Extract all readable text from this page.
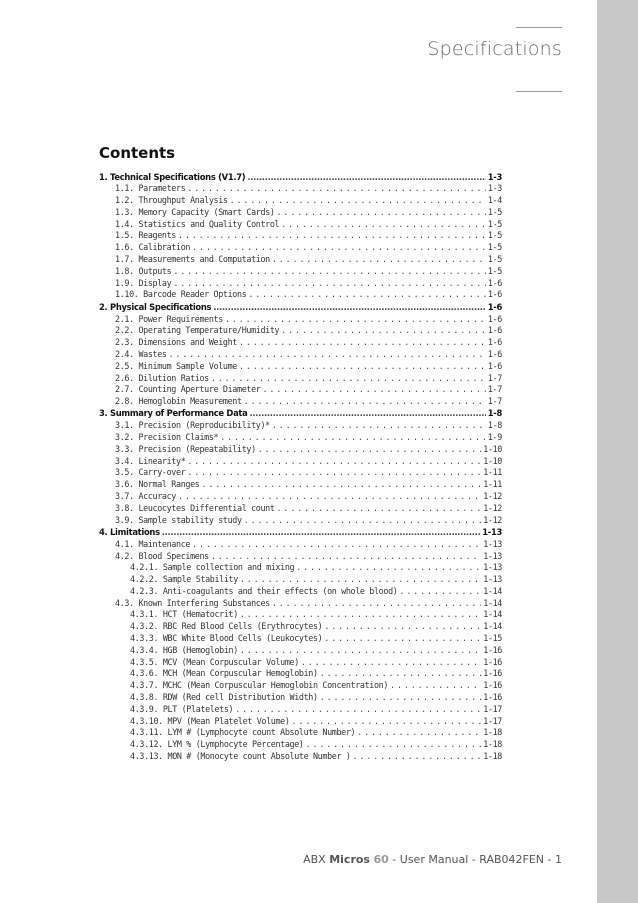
Specifications
Contents
1. Technical Specifications (V1.7) . . .	1-3
1.1. Parameters . . .	1-3
1.2. Throughput Analysis . . .	1-4
1.3. Memory Capacity (Smart Cards) . . .	1-5
1.4. Statistics and Quality Control . . .	1-5
1.5. Reagents . . .	1-5
1.6. Calibration . . .	1-5
1.7. Measurements and Computation . . .	1-5
1.8. Outputs . . .	1-5
1.9. Display . . .	1-6
1.10. Barcode Reader Options . . .	1-6
2. Physical Specifications . . .	1-6
2.1. Power Requirements . . .	1-6
2.2. Operating Temperature/Humidity . . .	1-6
2.3. Dimensions and Weight . . .	1-6
2.4. Wastes . . .	1-6
2.5. Minimum Sample Volume . . .	1-6
2.6. Dilution Ratios . . .	1-7
2.7. Counting Aperture Diameter . . .	1-7
2.8. Hemoglobin Measurement . . .	1-7
3. Summary of Performance Data . . .	1-8
3.1. Precision (Reproducibility)* . . .	1-8
3.2. Precision Claims* . . .	1-9
3.3. Precision (Repeatability) . . .	1-10
3.4. Linearity* . . .	1-10
3.5. Carry-over . . .	1-11
3.6. Normal Ranges . . .	1-11
3.7. Accuracy . . .	1-12
3.8. Leucocytes Differential count . . .	1-12
3.9. Sample stability study . . .	1-12
4. Limitations . . .	1-13
4.1. Maintenance . . .	1-13
4.2. Blood Specimens . . .	1-13
4.2.1. Sample collection and mixing . . .	1-13
4.2.2. Sample Stability . . .	1-13
4.2.3. Anti-coagulants and their effects (on whole blood) . . .	1-14
4.3. Known Interfering Substances . . .	1-14
4.3.1. HCT (Hematocrit) . . .	1-14
4.3.2. RBC Red Blood Cells (Erythrocytes) . . .	1-14
4.3.3. WBC White Blood Cells (Leukocytes) . . .	1-15
4.3.4. HGB (Hemoglobin) . . .	1-16
4.3.5. MCV (Mean Corpuscular Volume) . . .	1-16
4.3.6. MCH (Mean Corpuscular Hemoglobin) . . .	1-16
4.3.7. MCHC (Mean Corpuscular Hemoglobin Concentration) . . .	1-16
4.3.8. RDW (Red cell Distribution Width) . . .	1-16
4.3.9. PLT (Platelets) . . .	1-17
4.3.10. MPV (Mean Platelet Volume) . . .	1-17
4.3.11. LYM # (Lymphocyte count Absolute Number) . . .	1-18
4.3.12. LYM % (Lymphocyte Percentage) . . .	1-18
4.3.13. MON # (Monocyte count Absolute Number ) . . .	1-18
ABX Micros 60 - User Manual - RAB042FEN - 1
